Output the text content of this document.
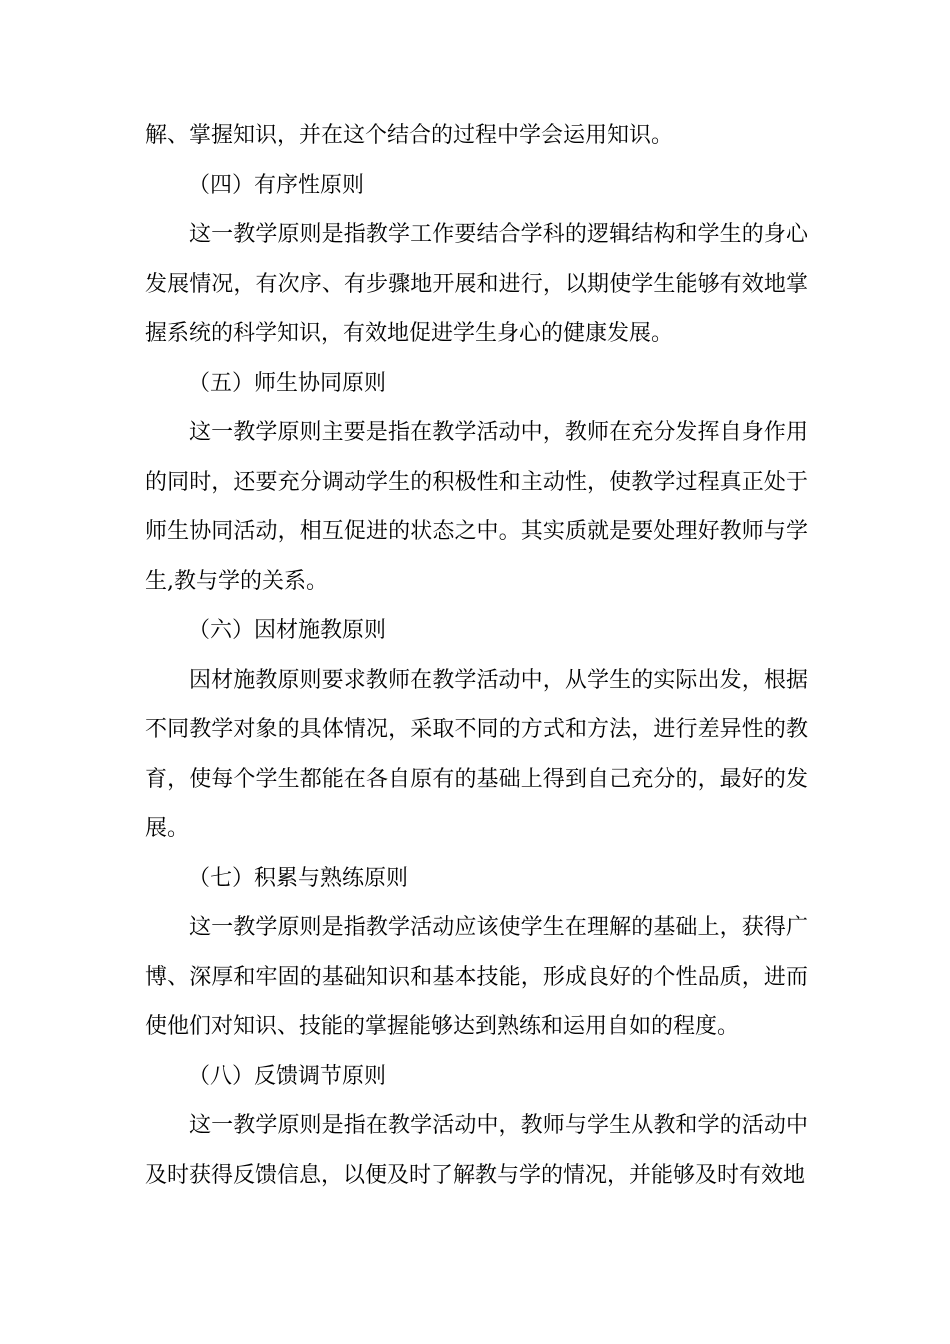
解、掌握知识，并在这个结合的过程中学会运用知识。

（四）有序性原则

这一教学原则是指教学工作要结合学科的逻辑结构和学生的身心发展情况，有次序、有步骤地开展和进行，以期使学生能够有效地掌握系统的科学知识，有效地促进学生身心的健康发展。

（五）师生协同原则

这一教学原则主要是指在教学活动中，教师在充分发挥自身作用的同时，还要充分调动学生的积极性和主动性，使教学过程真正处于师生协同活动，相互促进的状态之中。其实质就是要处理好教师与学生,教与学的关系。

（六）因材施教原则

因材施教原则要求教师在教学活动中，从学生的实际出发，根据不同教学对象的具体情况，采取不同的方式和方法，进行差异性的教育，使每个学生都能在各自原有的基础上得到自己充分的，最好的发展。

（七）积累与熟练原则

这一教学原则是指教学活动应该使学生在理解的基础上，获得广博、深厚和牢固的基础知识和基本技能，形成良好的个性品质，进而使他们对知识、技能的掌握能够达到熟练和运用自如的程度。

（八）反馈调节原则

这一教学原则是指在教学活动中，教师与学生从教和学的活动中及时获得反馈信息，以便及时了解教与学的情况，并能够及时有效地
